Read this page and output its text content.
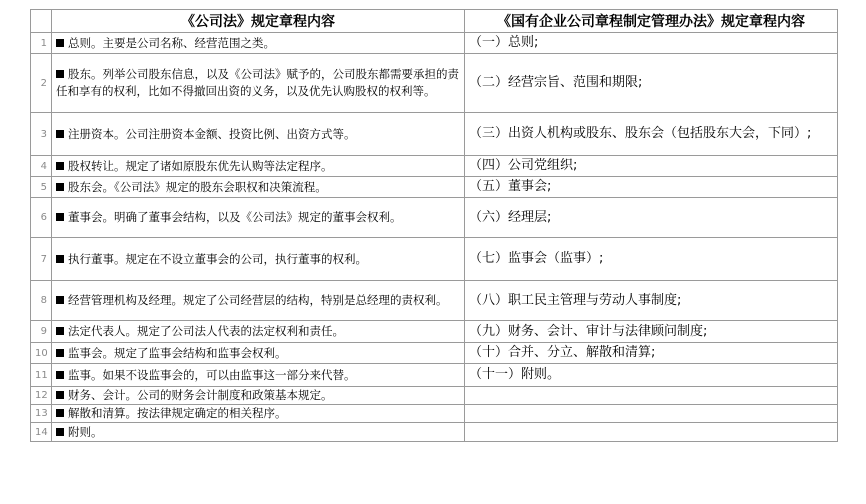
	《公司法》规定章程内容	《国有企业公司章程制定管理办法》规定章程内容
1	总则。主要是公司名称、经营范围之类。	（一）总则;
2	股东。列举公司股东信息，以及《公司法》赋予的，公司股东都需要承担的责任和享有的权利，比如不得撤回出资的义务，以及优先认购股权的权利等。	（二）经营宗旨、范围和期限;
3	注册资本。公司注册资本金额、投资比例、出资方式等。	（三）出资人机构或股东、股东会（包括股东大会，下同）;
4	股权转让。规定了诸如原股东优先认购等法定程序。	（四）公司党组织;
5	股东会。《公司法》规定的股东会职权和决策流程。	（五）董事会;
6	董事会。明确了董事会结构，以及《公司法》规定的董事会权利。	（六）经理层;
7	执行董事。规定在不设立董事会的公司，执行董事的权利。	（七）监事会（监事）;
8	经营管理机构及经理。规定了公司经营层的结构，特别是总经理的责权利。	（八）职工民主管理与劳动人事制度;
9	法定代表人。规定了公司法人代表的法定权利和责任。	（九）财务、会计、审计与法律顾问制度;
10	监事会。规定了监事会结构和监事会权利。	（十）合并、分立、解散和清算;
11	监事。如果不设监事会的，可以由监事这一部分来代替。	（十一）附则。
12	财务、会计。公司的财务会计制度和政策基本规定。	
13	解散和清算。按法律规定确定的相关程序。	
14	附则。	
